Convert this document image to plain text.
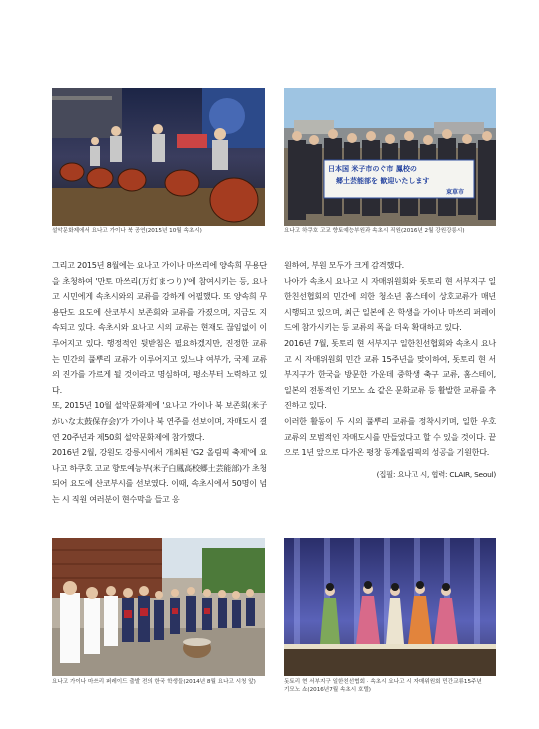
설악문화제에서 요나고 가이나 북 공연(2015년 10월 속초시)
日本国 米子市のぐ市 鳳校の
郷土芸能部を 歓迎いたします
束草市
요나고 하쿠호 고교 향토예능부원과 속초시 직원(2016년 2월 강원강릉시)

그리고 2015년 8월에는 요나고 가이나 마쓰리에 양속희 무용단을 초청하여 '만토 마쓰리(万灯まつり)'에 참여시키는 등, 요나고 시민에게 속초시와의 교류를 강하게 어필했다. 또 양속희 무용단도 요도에 산코부시 보존회와 교류를 가졌으며, 지금도 지속되고 있다. 속초시와 요나고 시의 교류는 현재도 끊임없이 이루어지고 있다. 행정적인 뒷받침은 필요하겠지만, 진정한 교류는 민간의 풀뿌리 교류가 이루어지고 있느냐 여부가, 국제 교류의 진가를 가르게 될 것이라고 명심하며, 평소부터 노력하고 있다.

또, 2015년 10월 설악문화제에 '요나고 가이나 북 보존회(米子がいな太鼓保存会)'가 가이나 북 연주를 선보이며, 자매도시 결연 20주년과 제50회 설악문화제에 참가했다.

2016년 2월, 강원도 강릉시에서 개최된 'G2 올림픽 축제'에 요나고 하쿠호 고교 향토예능부(米子白鳳高校郷土芸能部)가 초청되어 요도에 산코부시를 선보였다. 이때, 속초시에서 50명이 넘는 시 직원 여러분이 현수막을 들고 응

원하여, 부원 모두가 크게 감격했다.

나아가 속초시 요나고 시 자매위원회와 돗토리 현 서부지구 일한친선협회의 민간에 의한 청소년 홈스테이 상호교류가 매년 시행되고 있으며, 최근 일본에 온 학생을 가이나 마쓰리 퍼레이드에 참가시키는 등 교류의 폭을 더욱 확대하고 있다.

2016년 7월, 돗토리 현 서부지구 일한친선협회와 속초시 요나고 시 자매위원회 민간 교류 15주년을 맞이하여, 돗토리 현 서부지구가 한국을 방문한 가운데 중학생 축구 교류, 홈스테이, 일본의 전통적인 기모노 쇼 같은 문화교류 등 활발한 교류를 추진하고 있다.

이러한 활동이 두 시의 풀뿌리 교류를 정착시키며, 일한 우호 교류의 모범적인 자매도시를 만들었다고 할 수 있을 것이다. 끝으로 1년 앞으로 다가온 평창 동계올림픽의 성공을 기원한다.

(집필: 요나고 시, 협력: CLAIR, Seoul)

요나고 가이나 마쓰리 퍼레이드 출발 전의 한국 학생들(2014년 8월 요나고 시청 앞)	돗토리 현 서부지구 일한친선협회 · 속초시 요나고 시 자매위원회 민간교류15주년
기모노 쇼(2016년7월 속초시 호텔)
